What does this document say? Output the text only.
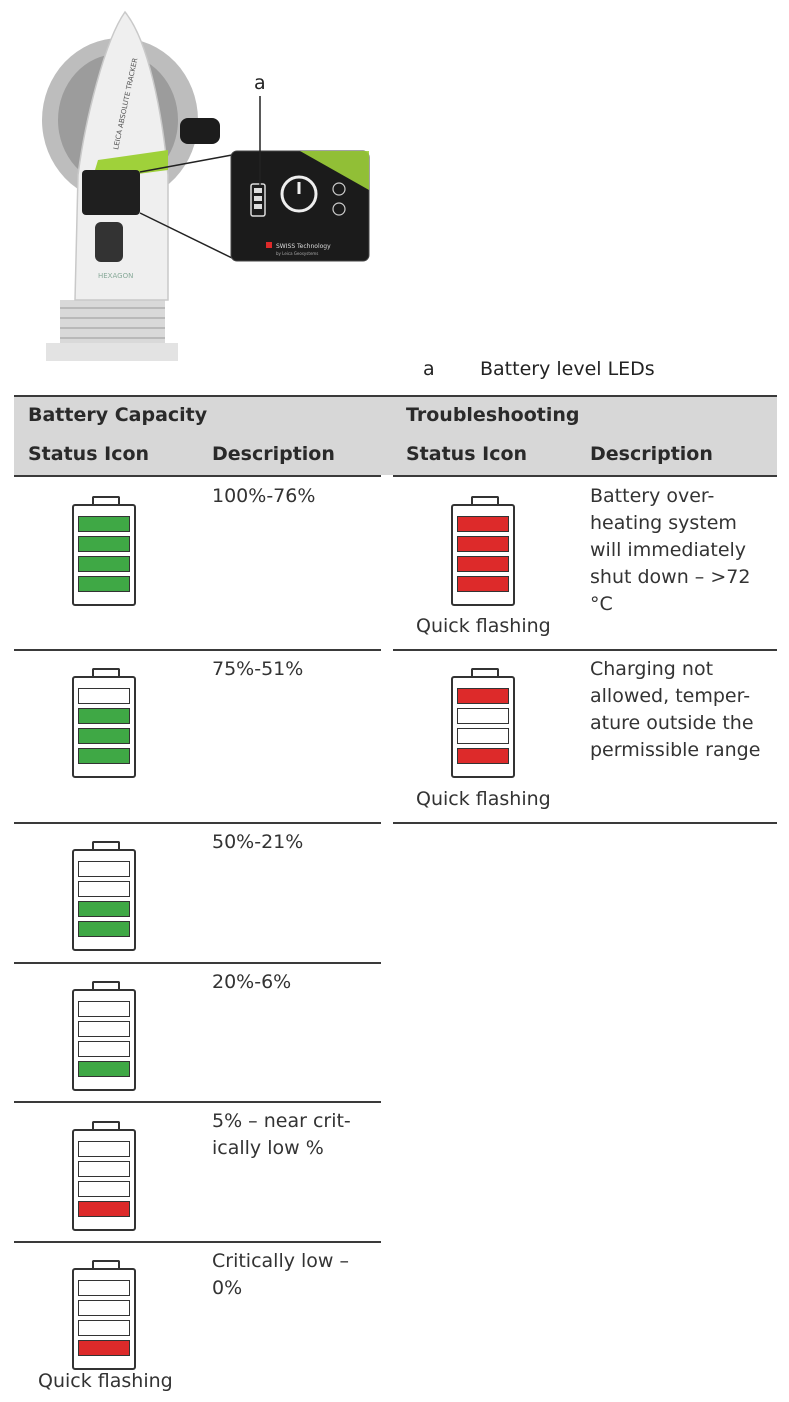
HEXAGON
LEICA ABSOLUTE TRACKER
SWISS Technology
by Leica Geosystems
a
a Battery level LEDs
Battery Capacity
Status Icon	Description
Troubleshooting
Status Icon	Description
100%-76%
75%-51%
50%-21%
20%-6%
5% – near crit-
ically low %
Critically low –
0%
Quick flashing
Battery over-
heating system
will immediately
shut down – >72
°C
Quick flashing
Charging not
allowed, temper-
ature outside the
permissible range
Quick flashing
